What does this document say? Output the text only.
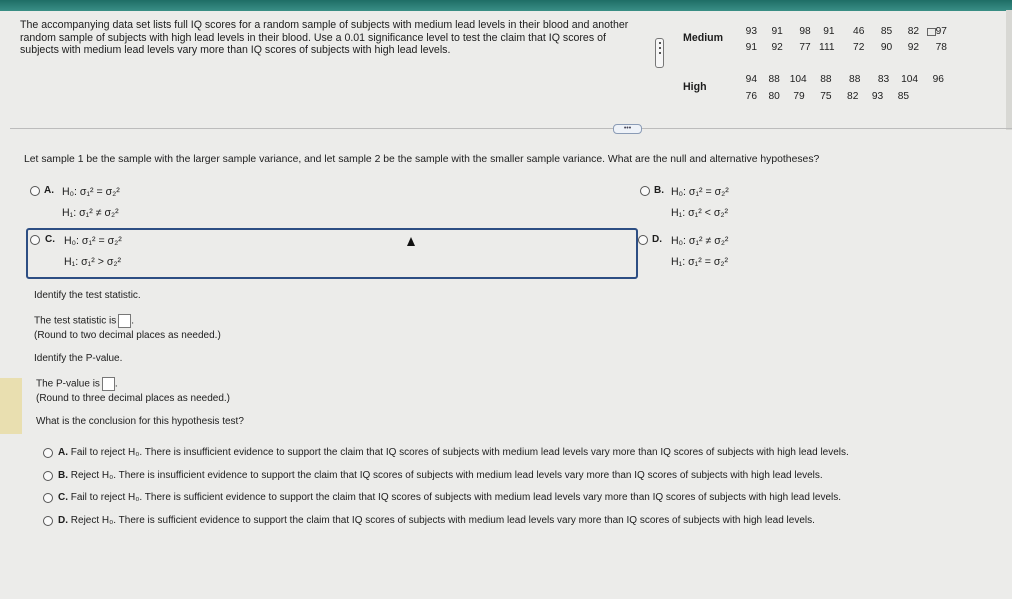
The accompanying data set lists full IQ scores for a random sample of subjects with medium lead levels in their blood and another random sample of subjects with high lead levels in their blood. Use a 0.01 significance level to test the claim that IQ scores of subjects with medium lead levels vary more than IQ scores of subjects with high lead levels.
Medium
93 91 98 91 46 85 82 97
91 92 77 111 72 90 92 78
High
94 88 104 88 88 83 104 96
76 80 79 75 82 93 85
•••
Let sample 1 be the sample with the larger sample variance, and let sample 2 be the sample with the smaller sample variance. What are the null and alternative hypotheses?
A. H₀: σ₁² = σ₂²
H₁: σ₁² ≠ σ₂²
B. H₀: σ₁² = σ₂²
H₁: σ₁² < σ₂²
C. H₀: σ₁² = σ₂²
H₁: σ₁² > σ₂²
D. H₀: σ₁² ≠ σ₂²
H₁: σ₁² = σ₂²
Identify the test statistic.
The test statistic is .
(Round to two decimal places as needed.)
Identify the P-value.
The P-value is .
(Round to three decimal places as needed.)
What is the conclusion for this hypothesis test?
A. Fail to reject H₀. There is insufficient evidence to support the claim that IQ scores of subjects with medium lead levels vary more than IQ scores of subjects with high lead levels.
B. Reject H₀. There is insufficient evidence to support the claim that IQ scores of subjects with medium lead levels vary more than IQ scores of subjects with high lead levels.
C. Fail to reject H₀. There is sufficient evidence to support the claim that IQ scores of subjects with medium lead levels vary more than IQ scores of subjects with high lead levels.
D. Reject H₀. There is sufficient evidence to support the claim that IQ scores of subjects with medium lead levels vary more than IQ scores of subjects with high lead levels.
